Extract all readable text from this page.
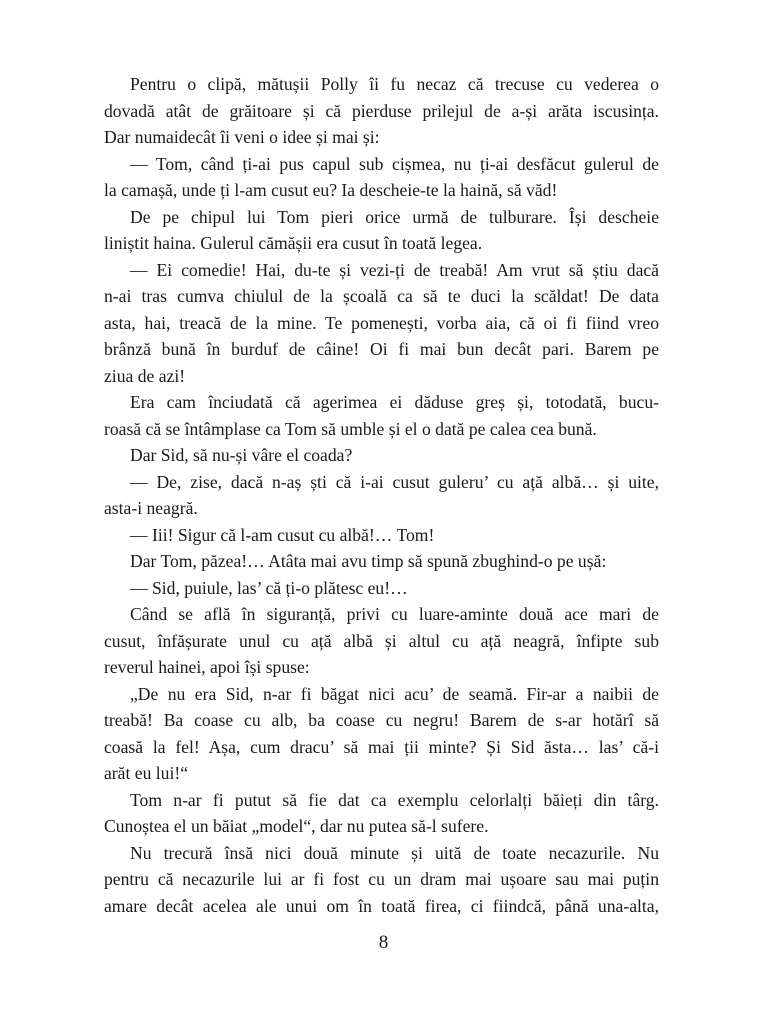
Pentru o clipă, mătușii Polly îi fu necaz că trecuse cu vederea o
dovadă atât de grăitoare și că pierduse prilejul de a-și arăta iscusința.
Dar numaidecât îi veni o idee și mai și:
— Tom, când ți-ai pus capul sub cișmea, nu ți-ai desfăcut gulerul de
la camașă, unde ți l-am cusut eu? Ia descheie-te la haină, să văd!
De pe chipul lui Tom pieri orice urmă de tulburare. Își descheie
liniștit haina. Gulerul cămășii era cusut în toată legea.
— Ei comedie! Hai, du-te și vezi-ți de treabă! Am vrut să știu dacă
n-ai tras cumva chiulul de la școală ca să te duci la scăldat! De data
asta, hai, treacă de la mine. Te pomenești, vorba aia, că oi fi fiind vreo
brânză bună în burduf de câine! Oi fi mai bun decât pari. Barem pe
ziua de azi!
Era cam înciudată că agerimea ei dăduse greș și, totodată, bucu-
roasă că se întâmplase ca Tom să umble și el o dată pe calea cea bună.
Dar Sid, să nu-și vâre el coada?
— De, zise, dacă n-aș ști că i-ai cusut guleru’ cu ață albă… și uite,
asta-i neagră.
— Iii! Sigur că l-am cusut cu albă!… Tom!
Dar Tom, păzea!… Atâta mai avu timp să spună zbughind-o pe ușă:
— Sid, puiule, las’ că ți-o plătesc eu!…
Când se află în siguranță, privi cu luare-aminte două ace mari de
cusut, înfășurate unul cu ață albă și altul cu ață neagră, înfipte sub
reverul hainei, apoi își spuse:
„De nu era Sid, n-ar fi băgat nici acu’ de seamă. Fir-ar a naibii de
treabă! Ba coase cu alb, ba coase cu negru! Barem de s-ar hotărî să
coasă la fel! Așa, cum dracu’ să mai ții minte? Și Sid ăsta… las’ că-i
arăt eu lui!“
Tom n-ar fi putut să fie dat ca exemplu celorlalți băieți din târg.
Cunoștea el un băiat „model“, dar nu putea să-l sufere.
Nu trecură însă nici două minute și uită de toate necazurile. Nu
pentru că necazurile lui ar fi fost cu un dram mai ușoare sau mai puțin
amare decât acelea ale unui om în toată firea, ci fiindcă, până una-alta,
8
